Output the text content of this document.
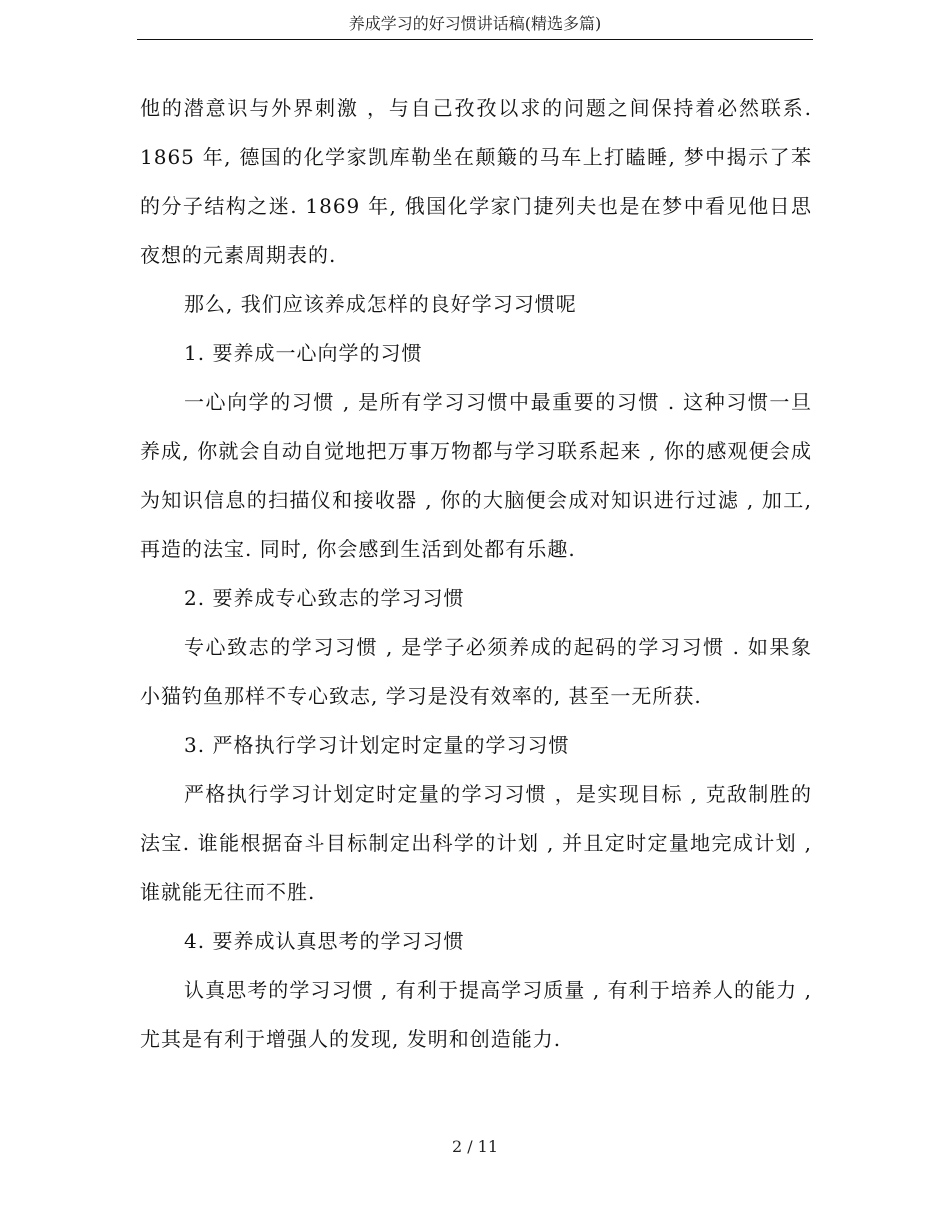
养成学习的好习惯讲话稿(精选多篇)

他的潜意识与外界刺激 ，与自己孜孜以求的问题之间保持着必然联系. 1865 年, 德国的化学家凯库勒坐在颠簸的马车上打瞌睡, 梦中揭示了苯的分子结构之迷. 1869 年, 俄国化学家门捷列夫也是在梦中看见他日思夜想的元素周期表的.

那么, 我们应该养成怎样的良好学习习惯呢

1. 要养成一心向学的习惯

一心向学的习惯 , 是所有学习习惯中最重要的习惯 . 这种习惯一旦养成, 你就会自动自觉地把万事万物都与学习联系起来 , 你的感观便会成为知识信息的扫描仪和接收器 , 你的大脑便会成对知识进行过滤 , 加工, 再造的法宝. 同时, 你会感到生活到处都有乐趣.

2. 要养成专心致志的学习习惯

专心致志的学习习惯 , 是学子必须养成的起码的学习习惯 . 如果象小猫钓鱼那样不专心致志, 学习是没有效率的, 甚至一无所获.

3. 严格执行学习计划定时定量的学习习惯

严格执行学习计划定时定量的学习习惯 ，是实现目标 , 克敌制胜的法宝. 谁能根据奋斗目标制定出科学的计划 , 并且定时定量地完成计划 , 谁就能无往而不胜.

4. 要养成认真思考的学习习惯

认真思考的学习习惯 , 有利于提高学习质量 , 有利于培养人的能力 , 尤其是有利于增强人的发现, 发明和创造能力.

2 / 11
